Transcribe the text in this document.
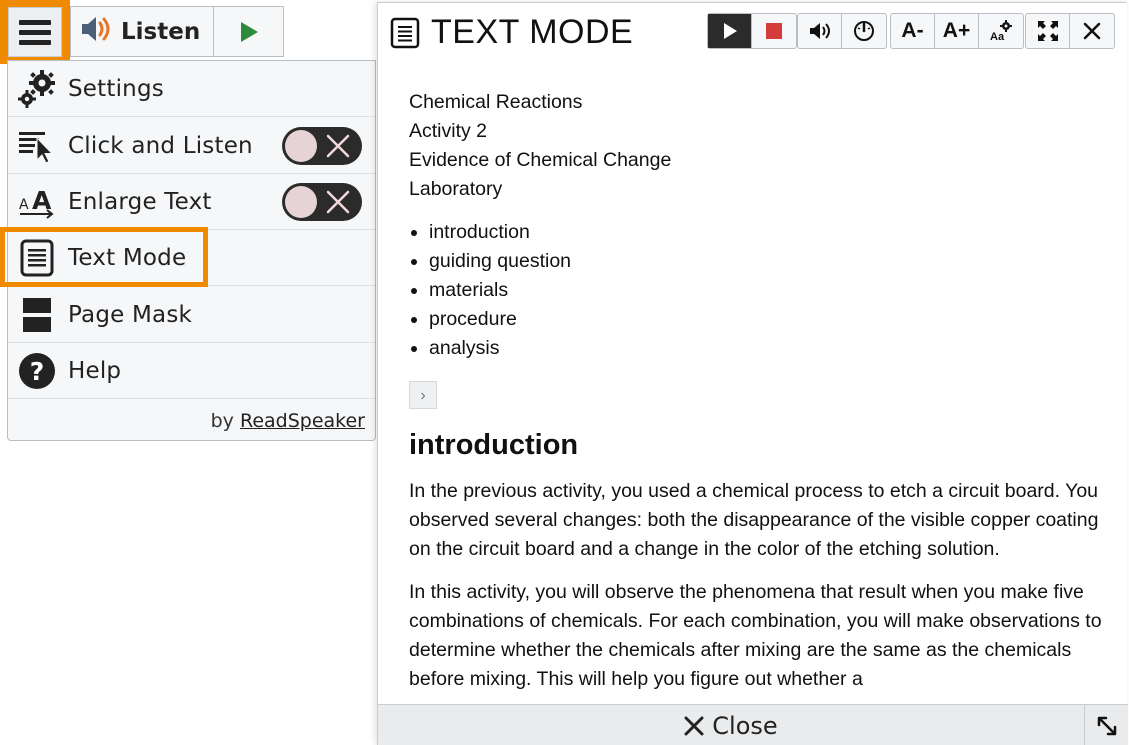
Listen
Settings
Click and Listen
A A Enlarge Text
Text Mode
Page Mask
? Help
by ReadSpeaker
TEXT MODE	A- A+	Aa
Chemical Reactions
Activity 2
Evidence of Chemical Change
Laboratory
• introduction
• guiding question
• materials
• procedure
• analysis
›
introduction

In the previous activity, you used a chemical process to etch a circuit board. You observed several changes: both the disappearance of the visible copper coating on the circuit board and a change in the color of the etching solution.

In this activity, you will observe the phenomena that result when you make five combinations of chemicals. For each combination, you will make observations to determine whether the chemicals after mixing are the same as the chemicals before mixing. This will help you figure out whether a

Close
